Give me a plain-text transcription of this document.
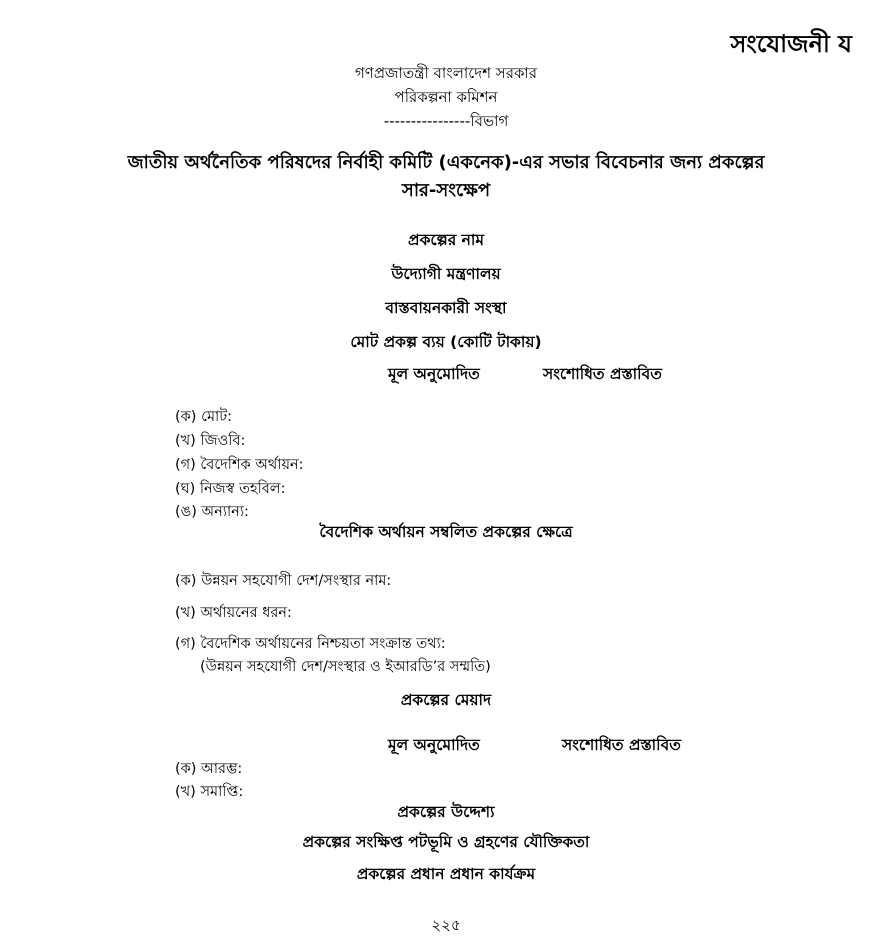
সংযোজনী য
গণপ্রজাতন্ত্রী বাংলাদেশ সরকার
পরিকল্পনা কমিশন
----------------বিভাগ
জাতীয় অর্থনৈতিক পরিষদের নির্বাহী কমিটি (একনেক)-এর সভার বিবেচনার জন্য প্রকল্পের
সার-সংক্ষেপ
প্রকল্পের নাম
উদ্যোগী মন্ত্রণালয়
বাস্তবায়নকারী সংস্থা
মোট প্রকল্প ব্যয় (কোটি টাকায়)
মূল অনুমোদিত	সংশোধিত প্রস্তাবিত
(ক) মোট:
(খ) জিওবি:
(গ) বৈদেশিক অর্থায়ন:
(ঘ) নিজস্ব তহবিল:
(ঙ) অন্যান্য:
বৈদেশিক অর্থায়ন সম্বলিত প্রকল্পের ক্ষেত্রে
(ক) উন্নয়ন সহযোগী দেশ/সংস্থার নাম:
(খ) অর্থায়নের ধরন:
(গ) বৈদেশিক অর্থায়নের নিশ্চয়তা সংক্রান্ত তথ্য:
(উন্নয়ন সহযোগী দেশ/সংস্থার ও ইআরডি’র সম্মতি)
প্রকল্পের মেয়াদ
মূল অনুমোদিত	সংশোধিত প্রস্তাবিত
(ক) আরম্ভ:
(খ) সমাপ্তি:
প্রকল্পের উদ্দেশ্য
প্রকল্পের সংক্ষিপ্ত পটভূমি ও গ্রহণের যৌক্তিকতা
প্রকল্পের প্রধান প্রধান কার্যক্রম
২২৫
